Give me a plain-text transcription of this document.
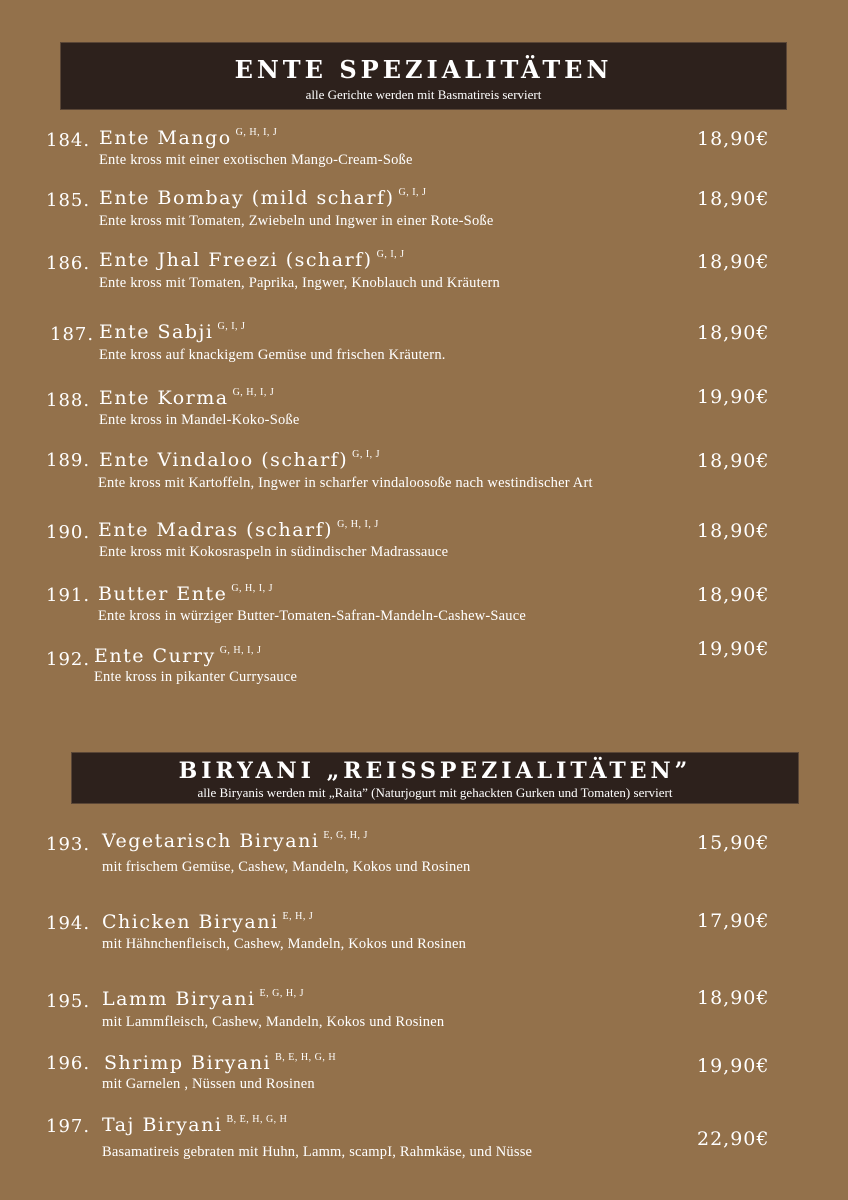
ENTE SPEZIALITÄTEN
alle Gerichte werden mit Basmatireis serviert
184. Ente Mango $^{G, H, I, J}$
Ente kross mit einer exotischen Mango-Cream-Soße
18,90€
185. Ente Bombay (mild scharf) $^{G, I, J}$
Ente kross mit Tomaten, Zwiebeln und Ingwer in einer Rote-Soße
18,90€
186. Ente Jhal Freezi (scharf) $^{G, I, J}$
Ente kross mit Tomaten, Paprika, Ingwer, Knoblauch und Kräutern
18,90€
187. Ente Sabji $^{G, I, J}$
Ente kross auf knackigem Gemüse und frischen Kräutern.
18,90€
188. Ente Korma $^{G, H, I, J}$
Ente kross in Mandel-Koko-Soße
19,90€
189. Ente Vindaloo (scharf) $^{G, I, J}$
Ente kross mit Kartoffeln, Ingwer in scharfer vindaloosoße nach westindischer Art
18,90€
190. Ente Madras (scharf) $^{G, H, I, J}$
Ente kross mit Kokosraspeln in südindischer Madrassauce
18,90€
191. Butter Ente $^{G, H, I, J}$
Ente kross in würziger Butter-Tomaten-Safran-Mandeln-Cashew-Sauce
18,90€
192. Ente Curry $^{G, H, I, J}$
Ente kross in pikanter Currysauce
19,90€
BIRYANI „REISSPEZIALITÄTEN”
alle Biryanis werden mit „Raita” (Naturjogurt mit gehackten Gurken und Tomaten) serviert
193. Vegetarisch Biryani $^{E, G, H, J}$
mit frischem Gemüse, Cashew, Mandeln, Kokos und Rosinen
15,90€
194. Chicken Biryani $^{E, H, J}$
mit Hähnchenfleisch, Cashew, Mandeln, Kokos und Rosinen
17,90€
195. Lamm Biryani $^{E, G, H, J}$
mit Lammfleisch, Cashew, Mandeln, Kokos und Rosinen
18,90€
196. Shrimp Biryani $^{B, E, H, G, H}$
mit Garnelen , Nüssen und Rosinen
19,90€
197. Taj Biryani $^{B, E, H, G, H}$
Basamatireis gebraten mit Huhn, Lamm, scampI, Rahmkäse, und Nüsse
22,90€
